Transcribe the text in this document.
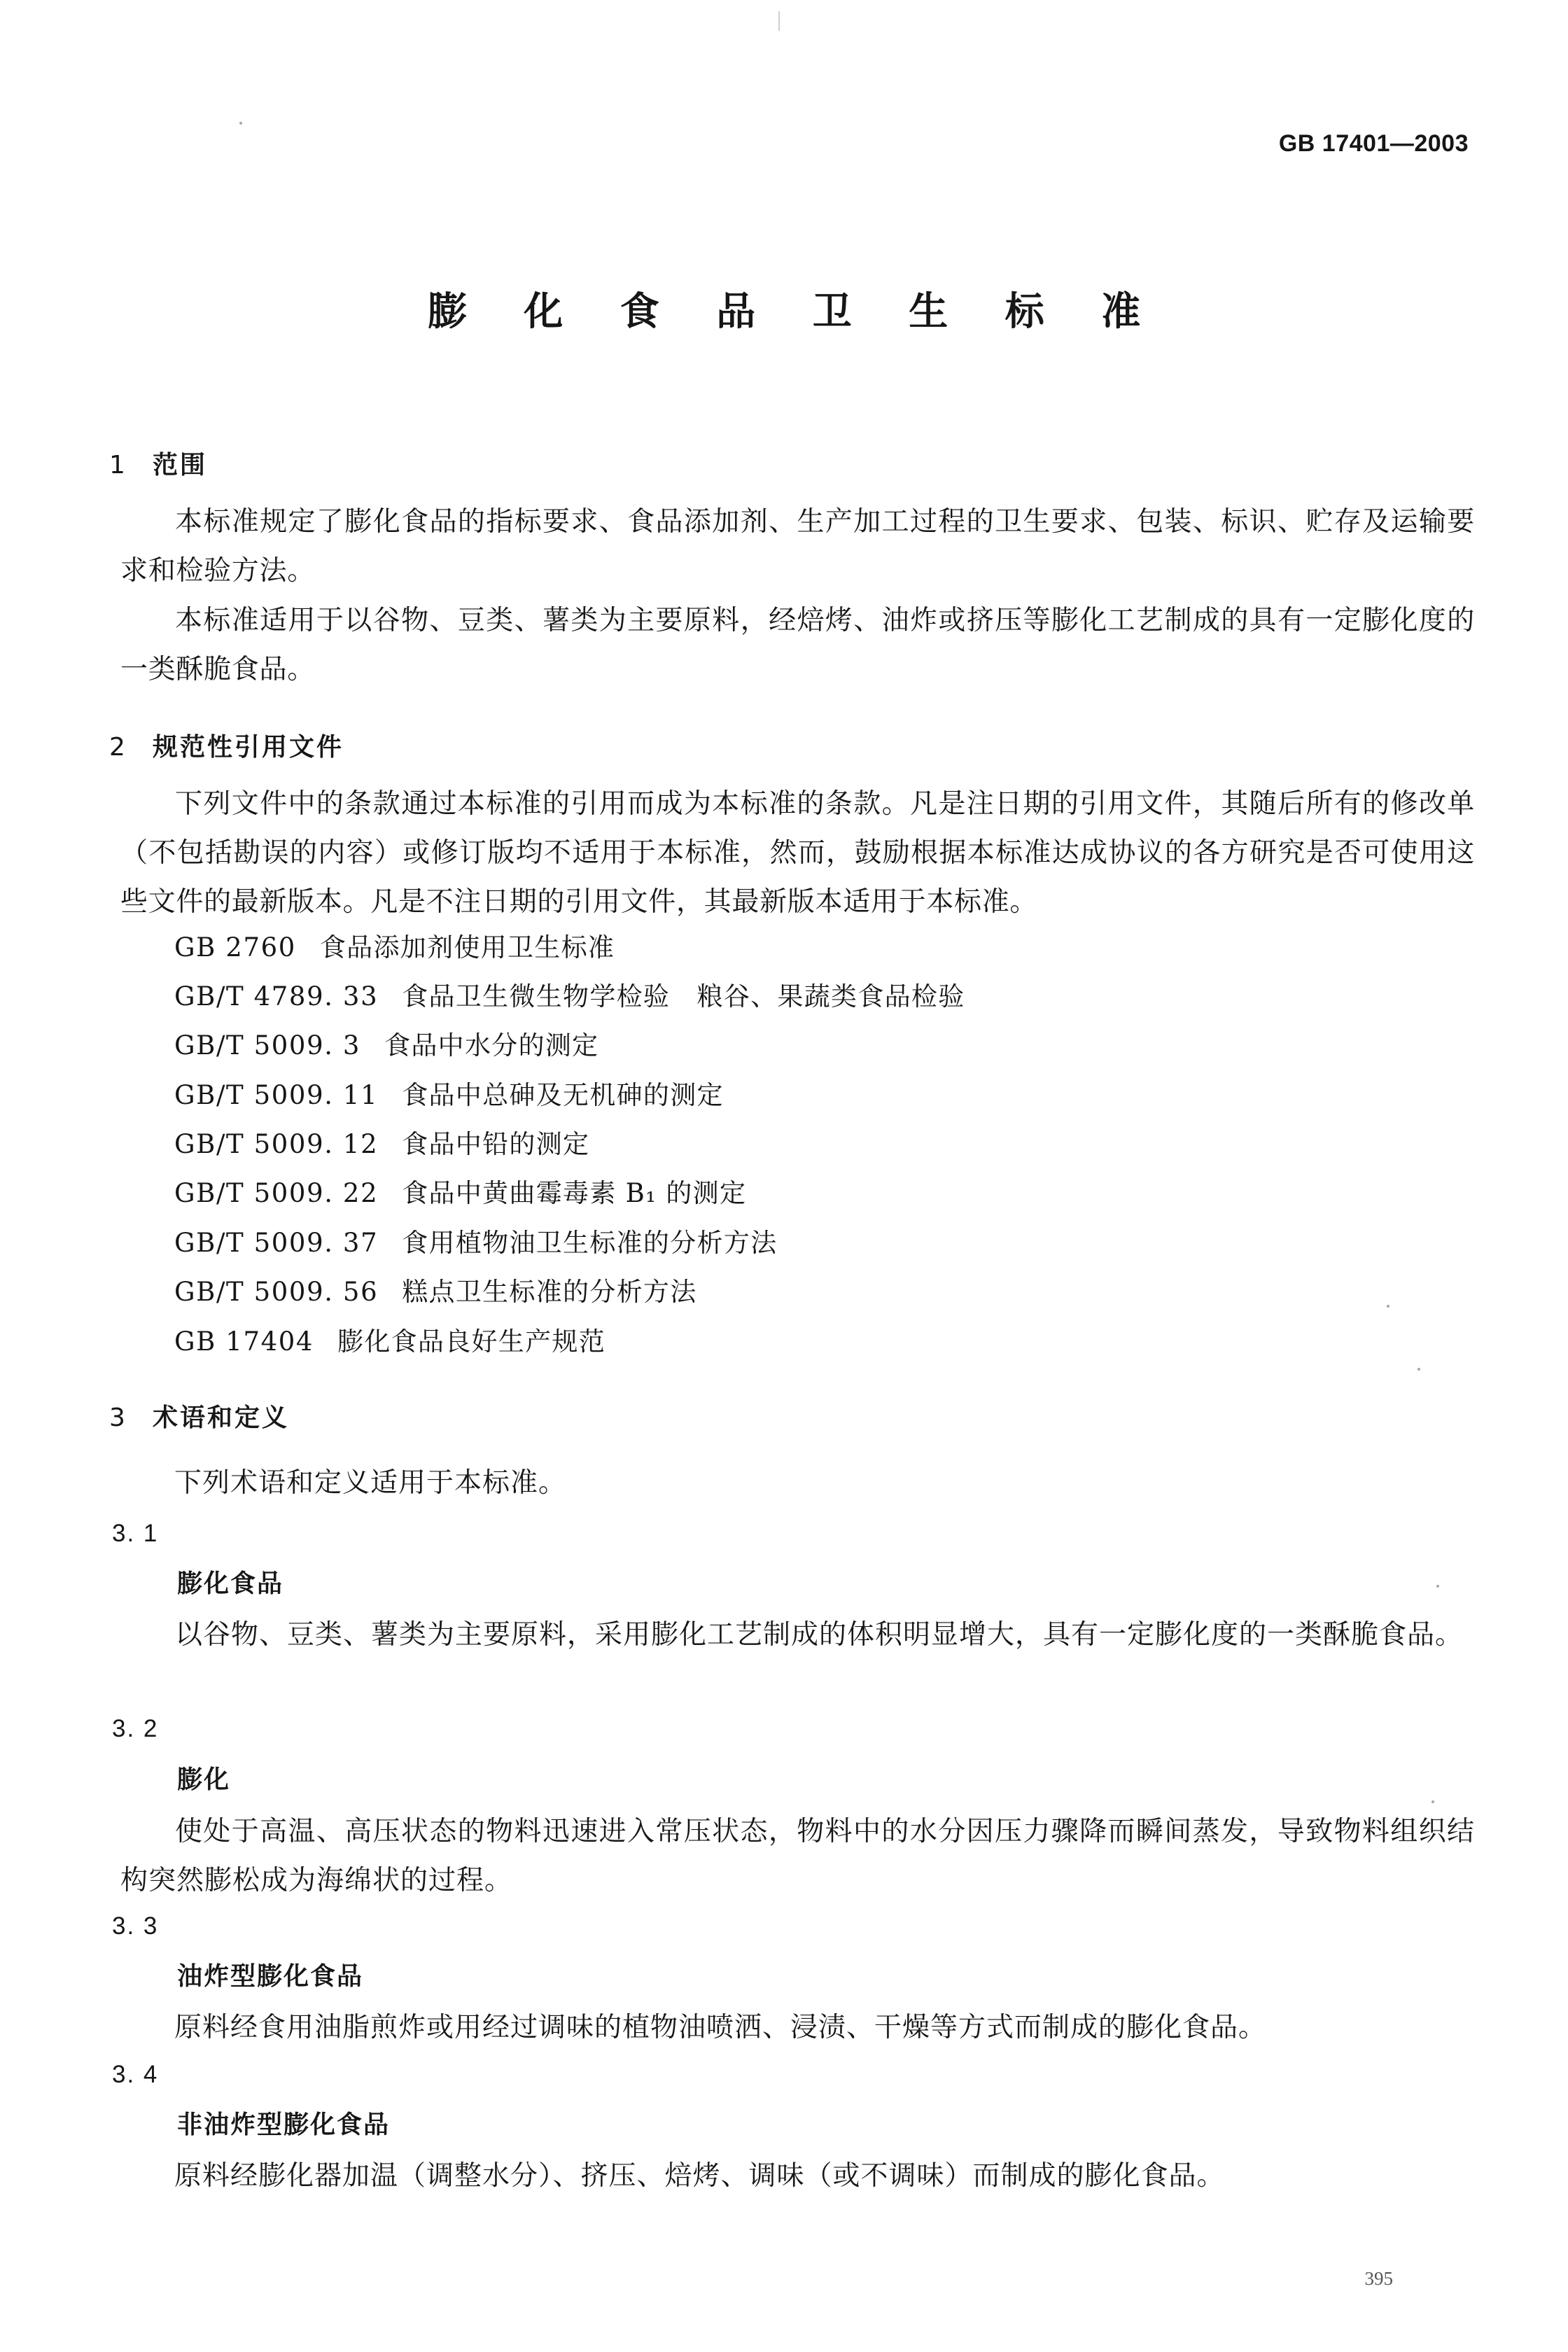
GB 17401—2003
膨 化 食 品 卫 生 标 准
1 范围

本标准规定了膨化食品的指标要求、食品添加剂、生产加工过程的卫生要求、包装、标识、贮存及运输要求和检验方法。

本标准适用于以谷物、豆类、薯类为主要原料，经焙烤、油炸或挤压等膨化工艺制成的具有一定膨化度的一类酥脆食品。

2 规范性引用文件

下列文件中的条款通过本标准的引用而成为本标准的条款。凡是注日期的引用文件，其随后所有的修改单（不包括勘误的内容）或修订版均不适用于本标准，然而，鼓励根据本标准达成协议的各方研究是否可使用这些文件的最新版本。凡是不注日期的引用文件，其最新版本适用于本标准。

GB 2760 食品添加剂使用卫生标准
GB/T 4789. 33 食品卫生微生物学检验　粮谷、果蔬类食品检验
GB/T 5009. 3 食品中水分的测定
GB/T 5009. 11 食品中总砷及无机砷的测定
GB/T 5009. 12 食品中铅的测定
GB/T 5009. 22 食品中黄曲霉毒素 B₁ 的测定
GB/T 5009. 37 食用植物油卫生标准的分析方法
GB/T 5009. 56 糕点卫生标准的分析方法
GB 17404 膨化食品良好生产规范
3 术语和定义
下列术语和定义适用于本标准。
3. 1
膨化食品

以谷物、豆类、薯类为主要原料，采用膨化工艺制成的体积明显增大，具有一定膨化度的一类酥脆食品。

3. 2
膨化

使处于高温、高压状态的物料迅速进入常压状态，物料中的水分因压力骤降而瞬间蒸发，导致物料组织结构突然膨松成为海绵状的过程。

3. 3
油炸型膨化食品
原料经食用油脂煎炸或用经过调味的植物油喷洒、浸渍、干燥等方式而制成的膨化食品。
3. 4
非油炸型膨化食品
原料经膨化器加温（调整水分）、挤压、焙烤、调味（或不调味）而制成的膨化食品。
395
